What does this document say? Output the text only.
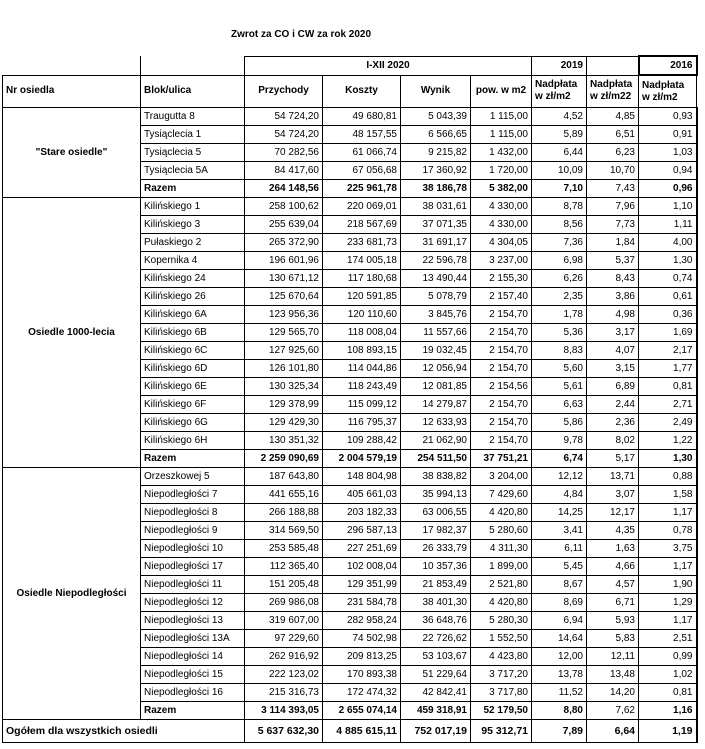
Zwrot za CO i CW za rok 2020
		I-XII 2020				2019		2016
Nr osiedla	Blok/ulica	Przychody	Koszty	Wynik	pow. w m2	Nadpłata w zł/m2	Nadpłata w zł/m22	Nadpłata w zł/m2
"Stare osiedle"	Traugutta 8	54 724,20	49 680,81	5 043,39	1 115,00	4,52	4,85	0,93
	Tysiąclecia 1	54 724,20	48 157,55	6 566,65	1 115,00	5,89	6,51	0,91
	Tysiąclecia 5	70 282,56	61 066,74	9 215,82	1 432,00	6,44	6,23	1,03
	Tysiąclecia 5A	84 417,60	67 056,68	17 360,92	1 720,00	10,09	10,70	0,94
	Razem	264 148,56	225 961,78	38 186,78	5 382,00	7,10	7,43	0,96
Osiedle 1000-lecia	Kilińskiego 1	258 100,62	220 069,01	38 031,61	4 330,00	8,78	7,96	1,10
	Kilińskiego 3	255 639,04	218 567,69	37 071,35	4 330,00	8,56	7,73	1,11
	Pułaskiego 2	265 372,90	233 681,73	31 691,17	4 304,05	7,36	1,84	4,00
	Kopernika 4	196 601,96	174 005,18	22 596,78	3 237,00	6,98	5,37	1,30
	Kilińskiego 24	130 671,12	117 180,68	13 490,44	2 155,30	6,26	8,43	0,74
	Kilińskiego 26	125 670,64	120 591,85	5 078,79	2 157,40	2,35	3,86	0,61
	Kilińskiego 6A	123 956,36	120 110,60	3 845,76	2 154,70	1,78	4,98	0,36
	Kilińskiego 6B	129 565,70	118 008,04	11 557,66	2 154,70	5,36	3,17	1,69
	Kilińskiego 6C	127 925,60	108 893,15	19 032,45	2 154,70	8,83	4,07	2,17
	Kilińskiego 6D	126 101,80	114 044,86	12 056,94	2 154,70	5,60	3,15	1,77
	Kilińskiego 6E	130 325,34	118 243,49	12 081,85	2 154,56	5,61	6,89	0,81
	Kilińskiego 6F	129 378,99	115 099,12	14 279,87	2 154,70	6,63	2,44	2,71
	Kilińskiego 6G	129 429,30	116 795,37	12 633,93	2 154,70	5,86	2,36	2,49
	Kilińskiego 6H	130 351,32	109 288,42	21 062,90	2 154,70	9,78	8,02	1,22
	Razem	2 259 090,69	2 004 579,19	254 511,50	37 751,21	6,74	5,17	1,30
Osiedle Niepodległości	Orzeszkowej 5	187 643,80	148 804,98	38 838,82	3 204,00	12,12	13,71	0,88
	Niepodległości 7	441 655,16	405 661,03	35 994,13	7 429,60	4,84	3,07	1,58
	Niepodległości 8	266 188,88	203 182,33	63 006,55	4 420,80	14,25	12,17	1,17
	Niepodległości 9	314 569,50	296 587,13	17 982,37	5 280,60	3,41	4,35	0,78
	Niepodległości 10	253 585,48	227 251,69	26 333,79	4 311,30	6,11	1,63	3,75
	Niepodległości 17	112 365,40	102 008,04	10 357,36	1 899,00	5,45	4,66	1,17
	Niepodległości 11	151 205,48	129 351,99	21 853,49	2 521,80	8,67	4,57	1,90
	Niepodległości 12	269 986,08	231 584,78	38 401,30	4 420,80	8,69	6,71	1,29
	Niepodległości 13	319 607,00	282 958,24	36 648,76	5 280,30	6,94	5,93	1,17
	Niepodległości 13A	97 229,60	74 502,98	22 726,62	1 552,50	14,64	5,83	2,51
	Niepodległości 14	262 916,92	209 813,25	53 103,67	4 423,80	12,00	12,11	0,99
	Niepodległości 15	222 123,02	170 893,38	51 229,64	3 717,20	13,78	13,48	1,02
	Niepodległości 16	215 316,73	172 474,32	42 842,41	3 717,80	11,52	14,20	0,81
	Razem	3 114 393,05	2 655 074,14	459 318,91	52 179,50	8,80	7,62	1,16
Ogółem dla wszystkich osiedli		5 637 632,30	4 885 615,11	752 017,19	95 312,71	7,89	6,64	1,19
